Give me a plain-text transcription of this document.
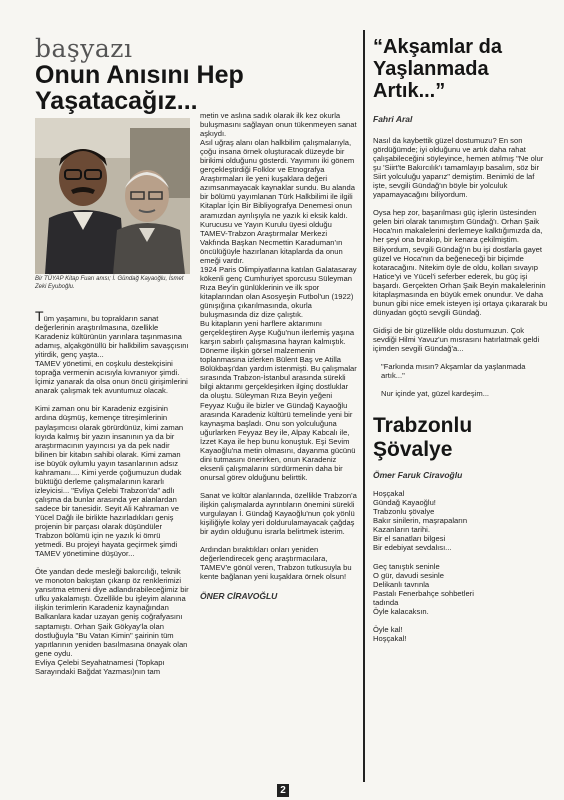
başyazı
Onun Anısını Hep Yaşatacağız...
Bir TÜYAP Kitap Fuarı anısı; İ. Gündağ Kayaoğlu, İsmet Zeki Eyuboğlu.
Tüm yaşamını, bu toprakların sanat değerlerinin araştırılmasına, özellikle Karadeniz kültürünün yarınlara taşınmasına adamış, alçakgönüllü bir halkbilim savaşçısını yitirdik, genç yaşta...
TAMEV yönetimi, en coşkulu destekçisini toprağa vermenin acısıyla kıvranıyor şimdi. İçimiz yanarak da olsa onun öncü girişimlerini anarak çalışmak tek avuntumuz olacak.
Kimi zaman onu bir Karadeniz ezgisinin ardına düşmüş, kemençe titreşimlerinin paylaşımcısı olarak görürdünüz, kimi zaman kıyıda kalmış bir yazın insanının ya da bir araştırmacının yayıncısı ya da pek nadir bilinen bir kitabın sahibi olarak. Kimi zaman ise büyük oylumlu yayın tasarılarının adsız kahramanı.... Kimi yerde çoğumuzun dudak büktüğü derleme çalışmalarının kararlı izleyicisi... "Evliya Çelebi Trabzon'da" adlı çalışma da bunlar arasında yer alanlardan sadece bir tanesidir. Seyit Ali Kahraman ve Yücel Dağlı ile birlikte hazırladıkları geniş projenin bir parçası olarak düşündüler Trabzon bölümü için ne yazık ki ömrü yetmedi. Bu projeyi hayata geçirmek şimdi TAMEV yönetimine düşüyor...
Öte yandan dede mesleği bakırcılığı, teknik ve monoton bakıştan çıkarıp öz renklerimizi yansıtma etmeni diye adlandırabileceğimiz bir ufku yakalamıştı. Özellikle bu işleyim alanına ilişkin terimlerin Karadeniz kaynağından Balkanlara kadar uzayan geniş coğrafyasını saptamıştı. Orhan Şaik Gökyay'la olan dostluğuyla "Bu Vatan Kimin" şairinin tüm yapıtlarının yeniden basılmasına önayak olan gene oydu.
Evliya Çelebi Seyahatnamesi (Topkapı Sarayındaki Bağdat Yazması)nın tam
metin ve aslına sadık olarak ilk kez okurla buluşmasını sağlayan onun tükenmeyen sanat aşkıydı.
Asıl uğraş alanı olan halkbilim çalışmalarıyla, çoğu insana örnek oluşturacak düzeyde bir birikimi olduğunu gösterdi. Yayımını iki gönem gerçekleştirdiği Folklor ve Etnografya Araştırmaları ile yeni kuşaklara değeri azımsanmayacak kaynaklar sundu. Bu alanda bir bölümü yayımlanan Türk Halkbilimi ile ilgili Kitaplar İçin Bir Bibliyografya Denemesi onun aramızdan ayrılışıyla ne yazık ki eksik kaldı.
Kurucusu ve Yayın Kurulu üyesi olduğu TAMEV-Trabzon Araştırmalar Merkezi Vakfında Başkan Necmettin Karaduman'ın öncülüğüyle hazırlanan kitaplarda da onun emeği vardır.
1924 Paris Olimpiyatlarına katılan Galatasaray kökenli genç Cumhuriyet sporcusu Süleyman Rıza Bey'in günlüklerinin ve ilk spor kitaplarından olan Asosyeşin Futbol'un (1922) günışığına çıkarılmasında, okurla buluşmasında diz dize çalıştık.
Bu kitapların yeni harflere aktarımını gerçekleştiren Ayşe Kuğu'nun ilerlemiş yaşına karşın sabırlı çalışmasına hayran kalmıştık. Döneme ilişkin görsel malzemenin toplanmasına izlerken Bülent Baş ve Atilla Bölükbaşı'dan yardım istenmişti. Bu çalışmalar sırasında Trabzon-İstanbul arasında sürekli bilgi aktarımı gerçekleşirken ilginç dostluklar da oluştu. Süleyman Rıza Beyin yeğeni Feyyaz Kuğu ile bizler ve Gündağ Kayaoğlu arasında Karadeniz kültürü temelinde yeni bir kaynaşma başladı. Onu son yolculuğuna uğurlarken Feyyaz Bey ile, Alpay Kabcalı ile, İzzet Kaya ile hep bunu konuştuk. Eşi Sevim Kayaoğlu'na metin olmasını, dayanma gücünü dini tutmasını önerirken, onun Karadeniz eksenli çalışmalarını sürdürmenin daha bir onursal görev olduğunu belirttik.
Sanat ve kültür alanlarında, özellikle Trabzon'a ilişkin çalışmalarda ayrıntıların önemini sürekli vurgulayan İ. Gündağ Kayaoğlu'nun çok yönlü kişiliğiyle kolay yeri doldurulamayacak çağdaş bir aydın olduğunu israrla belirtmek isterim.
Ardından bıraktıkları onları yeniden değerlendirecek genç araştırmacılara, TAMEV'e gönül veren, Trabzon tutkusuyla bu kente bağlanan yeni kuşaklara örnek olsun!
ÖNER CİRAVOĞLU
“Akşamlar da Yaşlanmada Artık...”
Fahri Aral
Nasıl da kaybettik güzel dostumuzu? En son gördüğümde; iyi olduğunu ve artık daha rahat çalışabileceğini söyleyince, hemen atılmış "Ne olur şu 'Siirt'te Bakırcılık'ı tamamlayıp basalım, söz bir Siirt yolculuğu yaparız" demiştim. Benimki de laf işte, sevgili Gündağ'ın böyle bir yolculuk yapamayacağını biliyordum.
Oysa hep zor, başarılması güç işlerin üstesinden gelen biri olarak tanımıştım Gündağ'ı. Orhan Şaik Hoca'nın makalelerini derlemeye kalktığımızda da, her şeyi ona bırakıp, bir kenara çekilmiştim. Biliyordum, sevgili Gündağ'ın bu işi dostlarla gayet güzel ve Hoca'nın da beğeneceği bir biçimde kotaracağını. Nitekim öyle de oldu, kolları sıvayıp Hatice'yi ve Yücel'i seferber ederek, bu güç işi başardı. Gerçekten Orhan Şaik Beyin makalelerinin kitaplaşmasında en büyük emek onundur. Ve daha bunun gibi nice emek isteyen işi ortaya çıkararak bu dünyadan göçtü sevgili Gündağ.
Gidişi de bir güzellikle oldu dostumuzun. Çok sevdiği Hilmi Yavuz'un mısrasını hatırlatmak geldi içimden sevgili Gündağ'a...
"Farkında mısın? Akşamlar da yaşlanmada artık..."
Nur içinde yat, güzel kardeşim...
Trabzonlu Şövalye
Ömer Faruk Ciravoğlu
Hoşçakal
Gündağ Kayaoğlu!
Trabzonlu şövalye
Bakır sinilerin, maşrapaların
Kazanların tarihi.
Bir el sanatları bilgesi
Bir edebiyat sevdalısı...
Geç tanıştık seninle
O gür, davudi sesinle
Delikanlı tavrınla
Pastalı Fenerbahçe sohbetleri
tadında
Öyle kalacaksın.
Öyle kal!
Hoşçakal!
2
